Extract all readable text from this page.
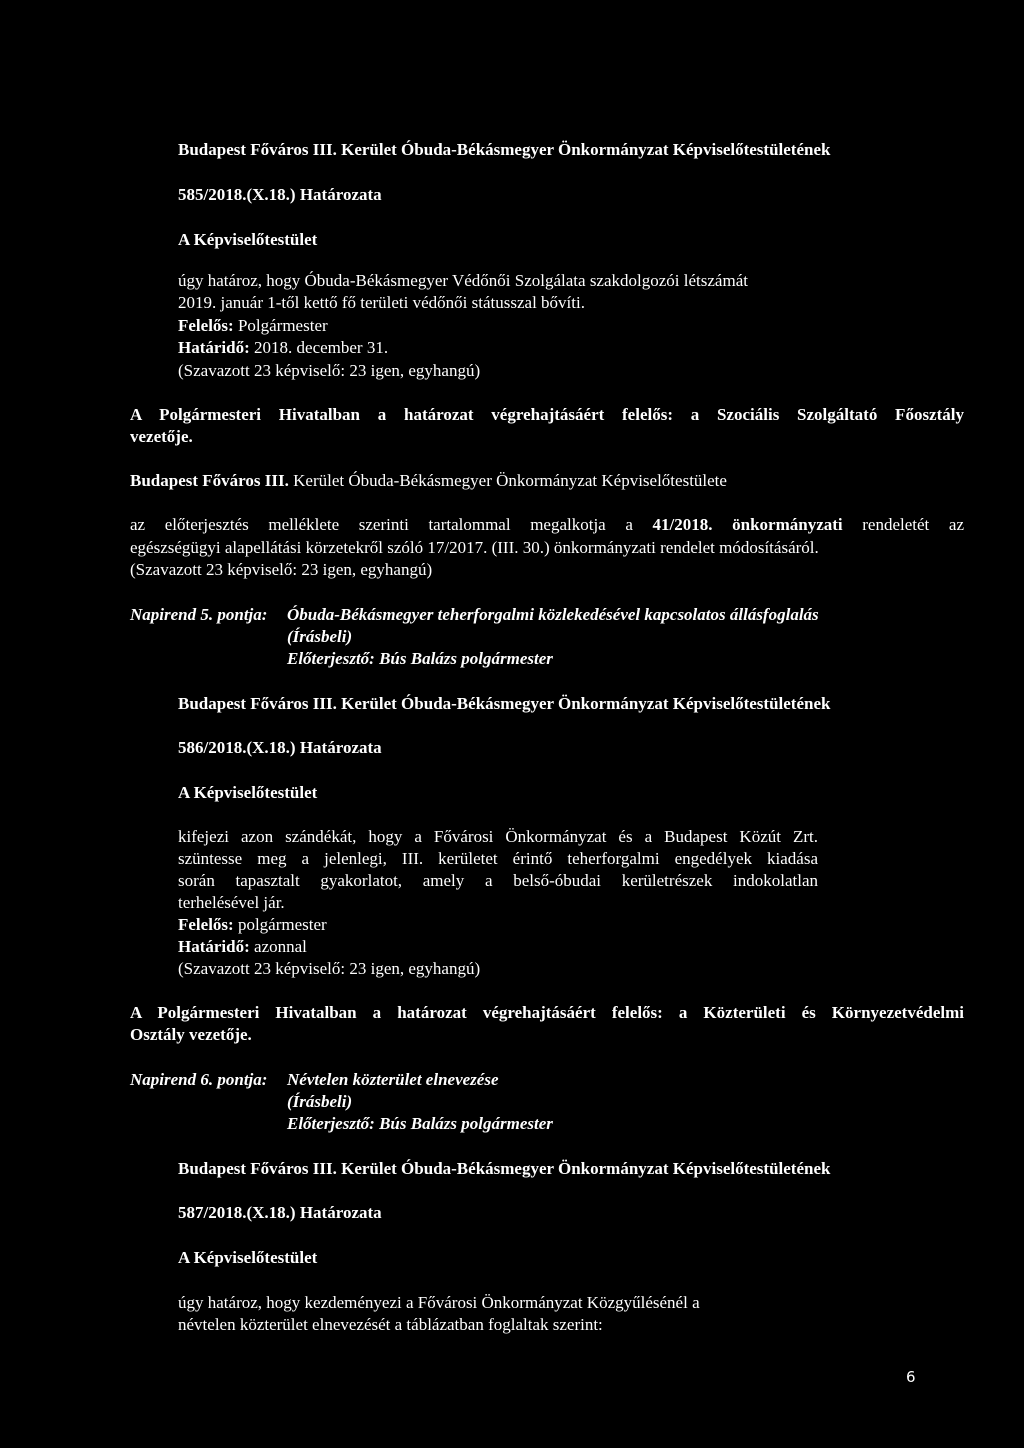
Budapest Főváros III. Kerület Óbuda-Békásmegyer Önkormányzat Képviselőtestületének

585/2018.(X.18.) Határozata

A Képviselőtestület

úgy határoz, hogy Óbuda-Békásmegyer Védőnői Szolgálata szakdolgozói létszámát

2019. január 1-től kettő fő területi védőnői státusszal bővíti.

Felelős: Polgármester

Határidő: 2018. december 31.

(Szavazott 23 képviselő: 23 igen, egyhangú)

A Polgármesteri Hivatalban a határozat végrehajtásáért felelős: a Szociális Szolgáltató Főosztály

vezetője.

Budapest Főváros III. Kerület Óbuda-Békásmegyer Önkormányzat Képviselőtestülete

az előterjesztés melléklete szerinti tartalommal megalkotja a 41/2018. önkormányzati rendeletét az

egészségügyi alapellátási körzetekről szóló 17/2017. (III. 30.) önkormányzati rendelet módosításáról.

(Szavazott 23 képviselő: 23 igen, egyhangú)

Napirend 5. pontja: Óbuda-Békásmegyer teherforgalmi közlekedésével kapcsolatos állásfoglalás

(Írásbeli)

Előterjesztő: Bús Balázs polgármester

Budapest Főváros III. Kerület Óbuda-Békásmegyer Önkormányzat Képviselőtestületének

586/2018.(X.18.) Határozata

A Képviselőtestület

kifejezi azon szándékát, hogy a Fővárosi Önkormányzat és a Budapest Közút Zrt.

szüntesse meg a jelenlegi, III. kerületet érintő teherforgalmi engedélyek kiadása

során tapasztalt gyakorlatot, amely a belső-óbudai kerületrészek indokolatlan

terhelésével jár.

Felelős: polgármester

Határidő: azonnal

(Szavazott 23 képviselő: 23 igen, egyhangú)

A Polgármesteri Hivatalban a határozat végrehajtásáért felelős: a Közterületi és Környezetvédelmi

Osztály vezetője.

Napirend 6. pontja: Névtelen közterület elnevezése

(Írásbeli)

Előterjesztő: Bús Balázs polgármester

Budapest Főváros III. Kerület Óbuda-Békásmegyer Önkormányzat Képviselőtestületének

587/2018.(X.18.) Határozata

A Képviselőtestület

úgy határoz, hogy kezdeményezi a Fővárosi Önkormányzat Közgyűlésénél a

névtelen közterület elnevezését a táblázatban foglaltak szerint:

6
